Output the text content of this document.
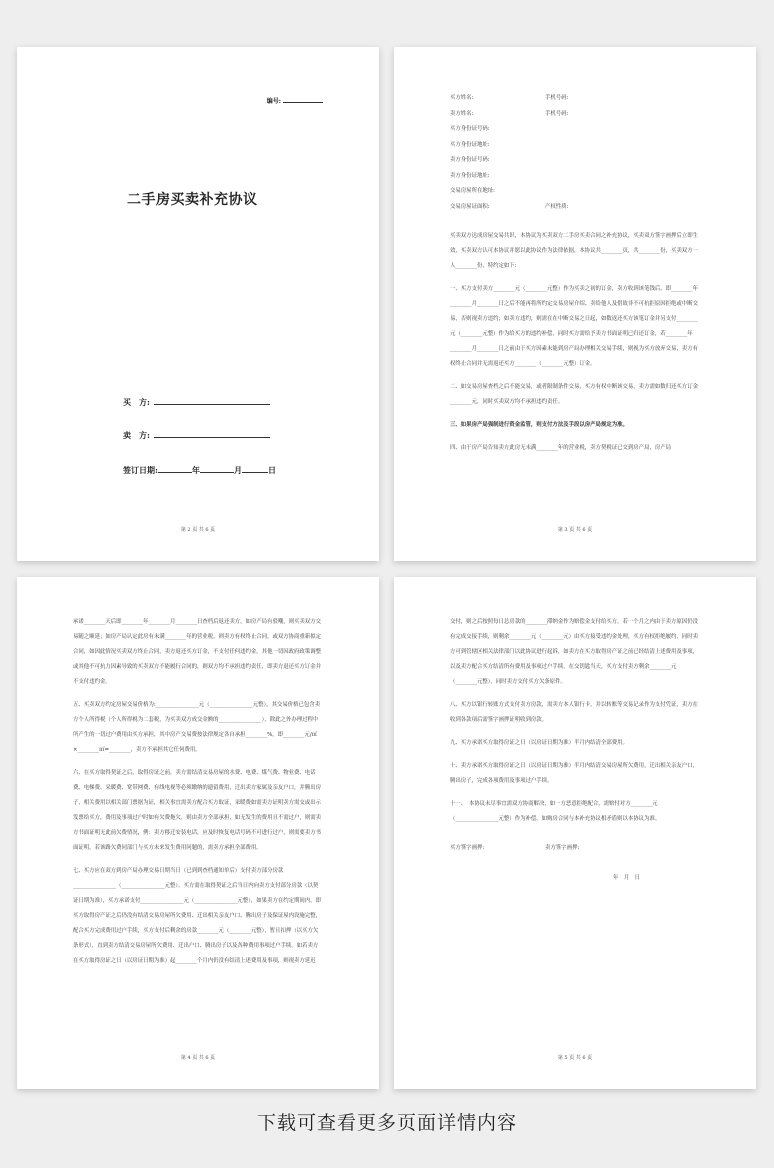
编号:
二手房买卖补充协议
买　方:
卖　方:
签订日期:	年	月	日
第 2 页 共 6 页
买方姓名:	手机号码:
卖方姓名:	手机号码:
买方身份证号码:
买方身份证地址:
卖方身份证号码:
卖方身份证地址:
交易房屋所在地址:
交易房屋证面积:	产权性质:

买卖双方达成房屋交易共识，本协议为买卖双方二手房买卖合同之补充协议，买卖双方签字画押后立即生效，买卖双方认可本协议并愿以此协议作为法律依据，本协议共________页，共________份，买卖双方一人________份，特约定如下:

一、买方支付卖方________元（________元整）作为买卖之初的订金，卖方收到该笔钱后，即________年________月________日之后不能再将所约定交易房屋介绍、卖给他人及借故非不可抗拒原因拒绝或中断交易，否则视卖方违约；如卖方违约，则需在在中断交易之日起，如数返还买方该笔订金并另支付________元（________元整）作为给买方的违约补偿，同时买方需给予卖方书面证明已归还订金，若________年________月________日之前由于买方因素未能到房产局办理相关交易手续，则视为买方放弃交易，卖方有权终止合同并无需返还买方________（________元整）订金。

二、如交易房屋查档之后不能交易，或者限制条件交易，买方有权中断该交易，卖方需如数归还买方订金________元，同时买卖双方均不承担违约责任。

三、如果房产局强制进行资金监管，则支付方法及手段以房产局规定为准。

四、由于房产局告知卖方此房无未满________年的营业税，卖方契税证已交到房产局，房产局

第 3 页 共 6 页

承诺________天后即________年________月________日查档后返还卖方，如房产局有驳嘲，则买卖双方交易随之顺延；如房产局认定此房有未满________年的营业税，则卖方有权终止合同，或双方协商重新拟定合同，如因此情况买卖双方终止合同，卖方返还买方订金，不支付任何违约金。其他一切因政府政策调整或其他不可抗力因素导致的买卖双方不能履行合同的，则双方均不承担违约责任，即卖方退还买方订金并不支付违约金。

五、买卖双方约定房屋交易价格为:________________元（________________元整），其交易价格已包含卖方个人所得税（个人所得税为二套税，为买卖双方成交金额的________________），除此之外办理过程中所产生的一切过户费用由买方承担，其中房产交易费按法律规定各自承担________%，即________元/㎡×________㎡=________，卖方不承担其它任何费用。

六、在买方取得契证之后，取得房证之前，卖方需结清交易房屋的水费、电费、煤气费、物业费、电话费、电梯费、采暖费、宽带网费、有线电视等必须缴纳的遗留费用，迁出卖方家属及亲友户口，并腾出房子，相关费用以相关部门票据为证，相关事宜需卖方配合买方取证，采暖费如需卖方证明卖方需交或出示发票给买方，费用及事项过户时如有欠费拖欠，则由卖方全部承担，如无发生的费用且不需过户，则需卖方书面证明无此前欠费情况，例：卖方移迁安装电话，应及时恢复电话号码不可进行过户，则需要卖方书面证明，若该路欠费同部门与买方未来发生费用问题的，需卖方承担全部费用。

七、买方应在双方到房产局办理交易日期当日（已到到查档通知单后）支付卖方部分房款________________（________________元整）。买方需在取得契证之后当日内向卖方支付部分房款（以契证日期为准），买方承诺支付________________元（________________元整），如果卖方在约定期间内，即买方取得房产证之后仍没有结清交易房屋所欠费用、迁出相关亲友户口、腾出房子及保证屋内设施完整，配合买方完成费用过户手续，买方支付后剩余的房款________元（________元整），暂且扣押（以买方欠条形式），直到卖方结清交易房屋所欠费用、迁出户口、腾出房子以及各种费用事项过户手续。如若卖方在买方取得房证之日（以房证日期为准）起________个月内仍没有结清上述费用及事项，则视卖方延迟

第 4 页 共 6 页

交付，则之后按照每日总房款的________滞纳金作为赔偿金支付给买方，若一个月之内由于卖方原因仍没有完成交接手续，则剩余________元（________元）由买方接受违约金处理，买方有权拒绝履约，同时卖方可到管辖区相关法律部门以此协议进行起诉，如卖方在买方取得房产证之前已经结清上述费用及事项，以及卖方配合买方结清所有费用及事项过户手续，在交钥匙当天，买方支付卖方剩余________元（________元整），同时卖方交付买方欠条原件。

八、买方以银行转账方式支付卖方房款，需卖方本人银行卡，并以转账等交易记录作为支付凭证，卖方在收到各款项后需签字画押证明收到房款。

九、买方承诺买方取得房证之日（以房证日期为准）半月内结清全部费用。

十、卖方承诺买方取得房证之日（以房证日期为准）半月内结清交易房屋所欠费用，迁出相关亲友户口，腾出房子，完成各项费用及事项过户手续。

十一、　本协议未尽事宜需双方协商解决，如一方恶意拒绝配合，需赔付对方________元（________________元整）作为补偿。如购房合同与本补充协议相矛盾则以本协议为准。

买方签字画押:	卖方签字画押:

年　月　日

第 5 页 共 6 页
下载可查看更多页面详情内容
